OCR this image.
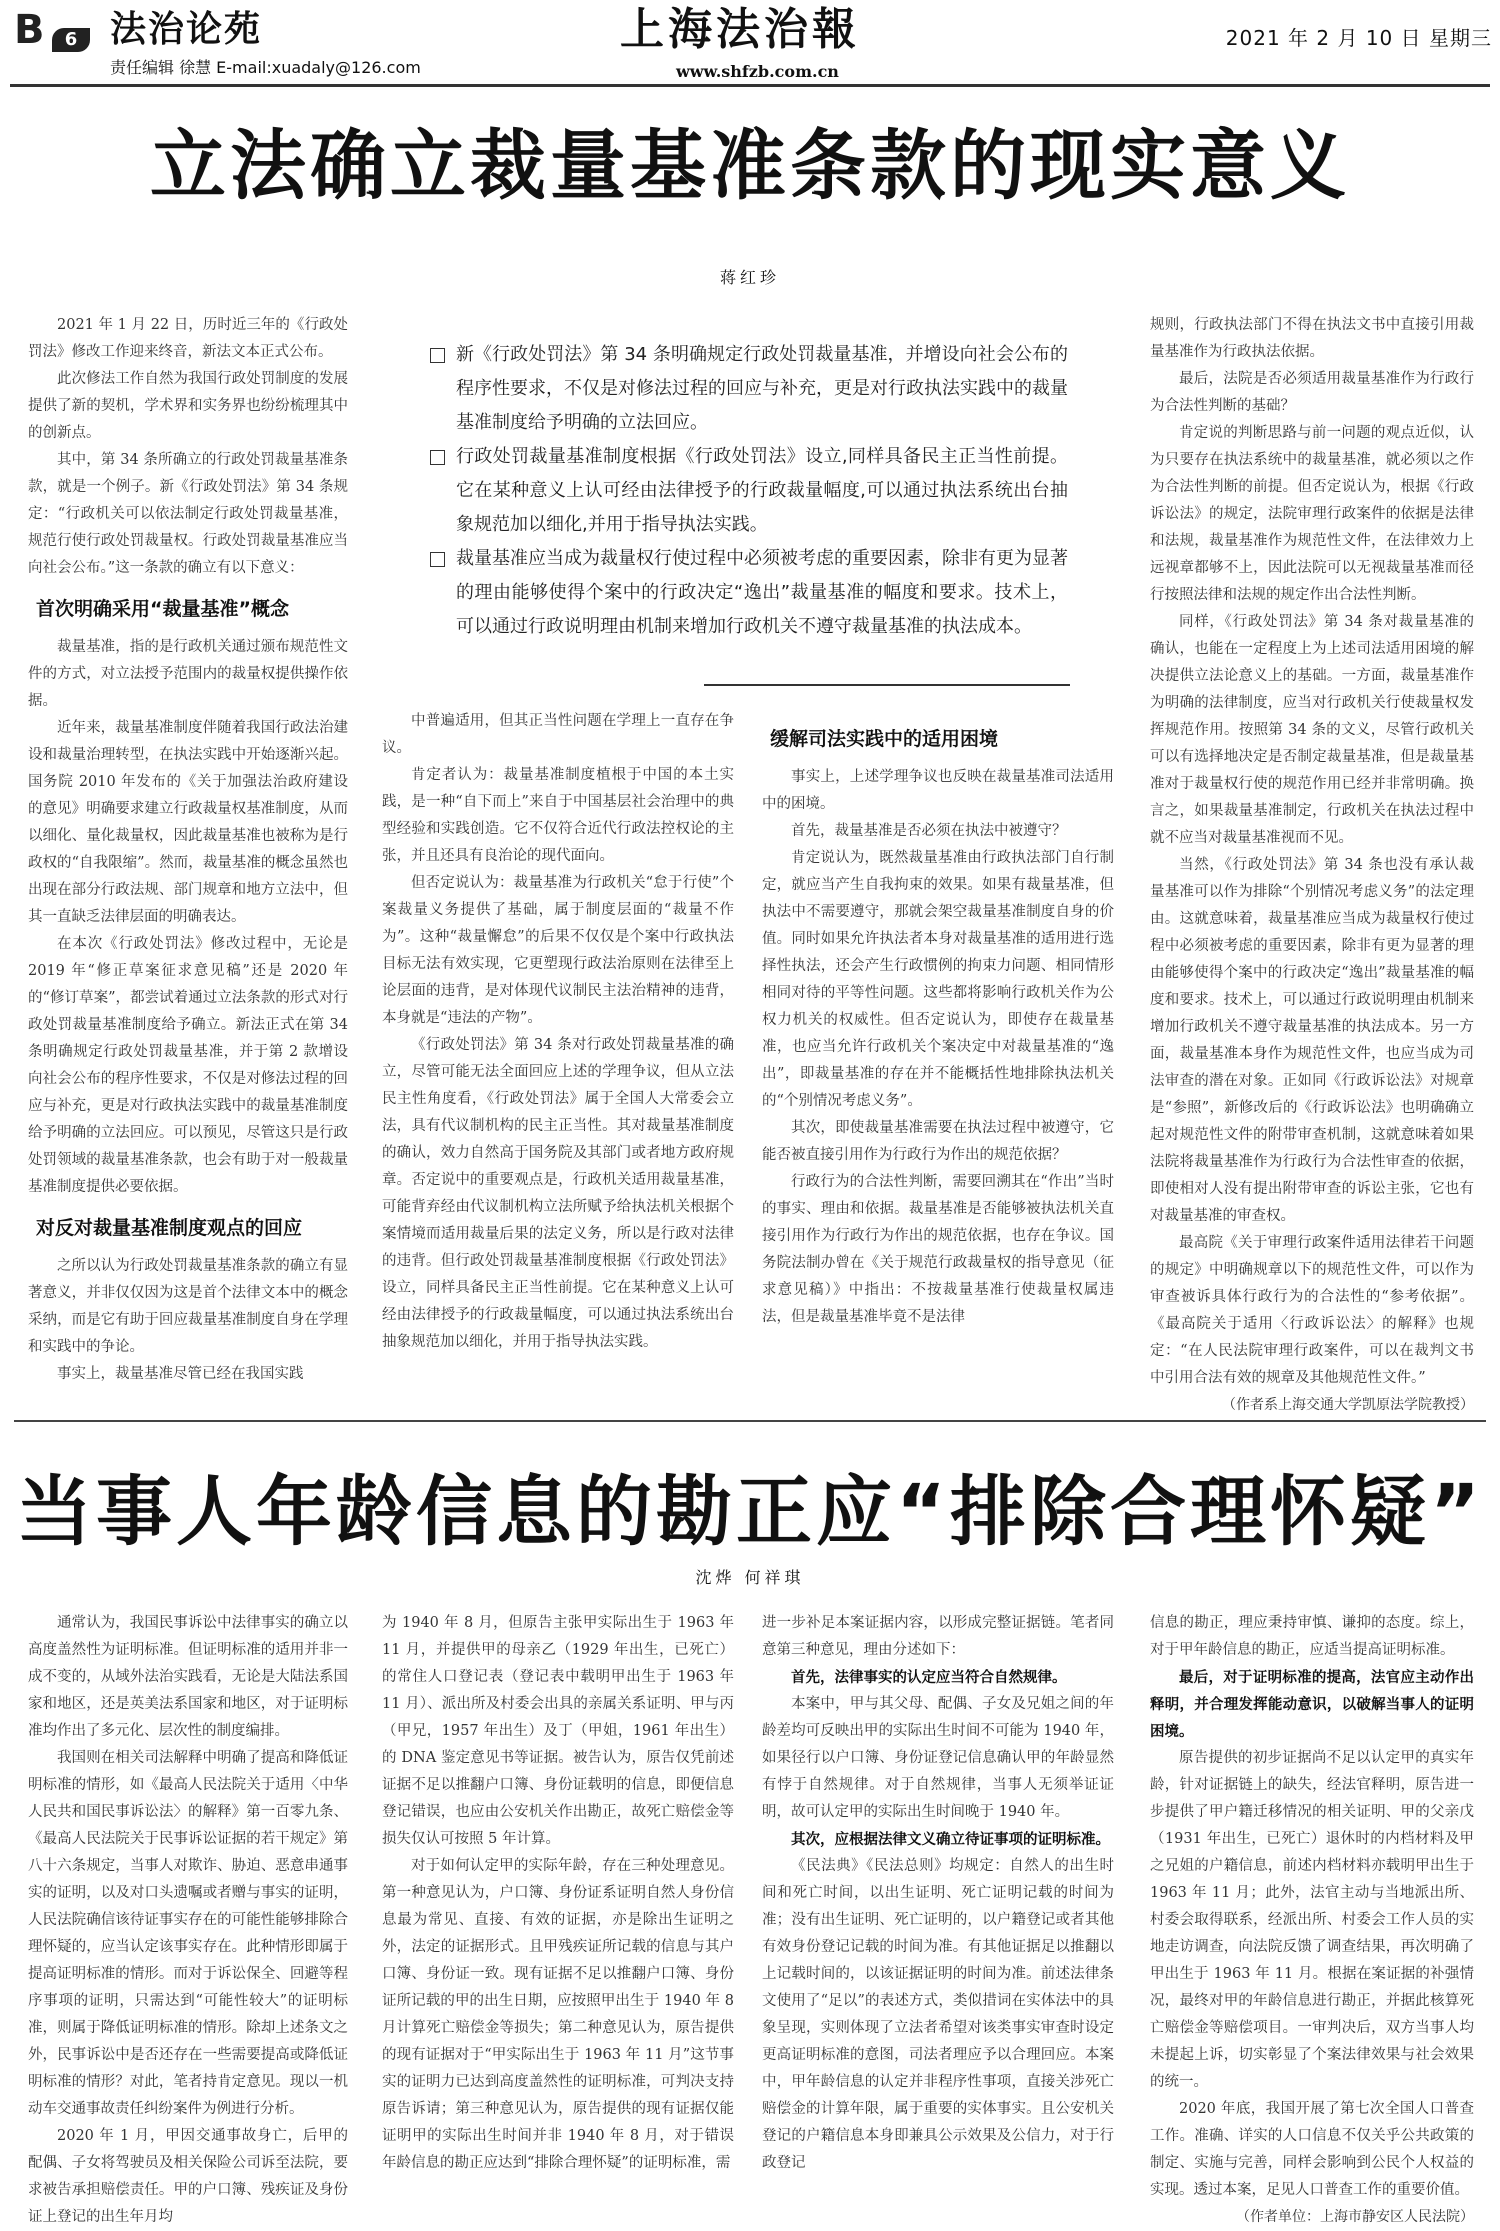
B	6 法治论苑
责任编辑 徐慧 E-mail:xuadaly@126.com
上海法治報
www.shfzb.com.cn
2021 年 2 月 10 日 星期三
立法确立裁量基准条款的现实意义
蒋红珍

2021 年 1 月 22 日，历时近三年的《行政处罚法》修改工作迎来终音，新法文本正式公布。

此次修法工作自然为我国行政处罚制度的发展提供了新的契机，学术界和实务界也纷纷梳理其中的创新点。

其中，第 34 条所确立的行政处罚裁量基准条款，就是一个例子。新《行政处罚法》第 34 条规定：“行政机关可以依法制定行政处罚裁量基准，规范行使行政处罚裁量权。行政处罚裁量基准应当向社会公布。”这一条款的确立有以下意义：

首次明确采用“裁量基准”概念

裁量基准，指的是行政机关通过颁布规范性文件的方式，对立法授予范围内的裁量权提供操作依据。

近年来，裁量基准制度伴随着我国行政法治建设和裁量治理转型，在执法实践中开始逐渐兴起。国务院 2010 年发布的《关于加强法治政府建设的意见》明确要求建立行政裁量权基准制度，从而以细化、量化裁量权，因此裁量基准也被称为是行政权的“自我限缩”。然而，裁量基准的概念虽然也出现在部分行政法规、部门规章和地方立法中，但其一直缺乏法律层面的明确表达。

在本次《行政处罚法》修改过程中，无论是 2019 年“修正草案征求意见稿”还是 2020 年的“修订草案”，都尝试着通过立法条款的形式对行政处罚裁量基准制度给予确立。新法正式在第 34 条明确规定行政处罚裁量基准，并于第 2 款增设向社会公布的程序性要求，不仅是对修法过程的回应与补充，更是对行政执法实践中的裁量基准制度给予明确的立法回应。可以预见，尽管这只是行政处罚领域的裁量基准条款，也会有助于对一般裁量基准制度提供必要依据。

对反对裁量基准制度观点的回应

之所以认为行政处罚裁量基准条款的确立有显著意义，并非仅仅因为这是首个法律文本中的概念采纳，而是它有助于回应裁量基准制度自身在学理和实践中的争论。

事实上，裁量基准尽管已经在我国实践

新《行政处罚法》第 34 条明确规定行政处罚裁量基准，并增设向社会公布的程序性要求，不仅是对修法过程的回应与补充，更是对行政执法实践中的裁量基准制度给予明确的立法回应。
行政处罚裁量基准制度根据《行政处罚法》设立,同样具备民主正当性前提。它在某种意义上认可经由法律授予的行政裁量幅度,可以通过执法系统出台抽象规范加以细化,并用于指导执法实践。
裁量基准应当成为裁量权行使过程中必须被考虑的重要因素，除非有更为显著的理由能够使得个案中的行政决定“逸出”裁量基准的幅度和要求。技术上，可以通过行政说明理由机制来增加行政机关不遵守裁量基准的执法成本。

中普遍适用，但其正当性问题在学理上一直存在争议。

肯定者认为：裁量基准制度植根于中国的本土实践，是一种“自下而上”来自于中国基层社会治理中的典型经验和实践创造。它不仅符合近代行政法控权论的主张，并且还具有良治论的现代面向。

但否定说认为：裁量基准为行政机关“怠于行使”个案裁量义务提供了基础，属于制度层面的“裁量不作为”。这种“裁量懈怠”的后果不仅仅是个案中行政执法目标无法有效实现，它更塑现行政法治原则在法律至上论层面的违背，是对体现代议制民主法治精神的违背，本身就是“违法的产物”。

《行政处罚法》第 34 条对行政处罚裁量基准的确立，尽管可能无法全面回应上述的学理争议，但从立法民主性角度看，《行政处罚法》属于全国人大常委会立法，具有代议制机构的民主正当性。其对裁量基准制度的确认，效力自然高于国务院及其部门或者地方政府规章。否定说中的重要观点是，行政机关适用裁量基准，可能背弃经由代议制机构立法所赋予给执法机关根据个案情境而适用裁量后果的法定义务，所以是行政对法律的违背。但行政处罚裁量基准制度根据《行政处罚法》设立，同样具备民主正当性前提。它在某种意义上认可经由法律授予的行政裁量幅度，可以通过执法系统出台抽象规范加以细化，并用于指导执法实践。

缓解司法实践中的适用困境

事实上，上述学理争议也反映在裁量基准司法适用中的困境。

首先，裁量基准是否必须在执法中被遵守？

肯定说认为，既然裁量基准由行政执法部门自行制定，就应当产生自我拘束的效果。如果有裁量基准，但执法中不需要遵守，那就会架空裁量基准制度自身的价值。同时如果允许执法者本身对裁量基准的适用进行选择性执法，还会产生行政惯例的拘束力问题、相同情形相同对待的平等性问题。这些都将影响行政机关作为公权力机关的权威性。但否定说认为，即使存在裁量基准，也应当允许行政机关个案决定中对裁量基准的“逸出”，即裁量基准的存在并不能概括性地排除执法机关的“个别情况考虑义务”。

其次，即使裁量基准需要在执法过程中被遵守，它能否被直接引用作为行政行为作出的规范依据？

行政行为的合法性判断，需要回溯其在“作出”当时的事实、理由和依据。裁量基准是否能够被执法机关直接引用作为行政行为作出的规范依据，也存在争议。国务院法制办曾在《关于规范行政裁量权的指导意见（征求意见稿）》中指出：不按裁量基准行使裁量权属违法，但是裁量基准毕竟不是法律

规则，行政执法部门不得在执法文书中直接引用裁量基准作为行政执法依据。

最后，法院是否必须适用裁量基准作为行政行为合法性判断的基础？

肯定说的判断思路与前一问题的观点近似，认为只要存在执法系统中的裁量基准，就必须以之作为合法性判断的前提。但否定说认为，根据《行政诉讼法》的规定，法院审理行政案件的依据是法律和法规，裁量基准作为规范性文件，在法律效力上远视章都够不上，因此法院可以无视裁量基准而径行按照法律和法规的规定作出合法性判断。

同样，《行政处罚法》第 34 条对裁量基准的确认，也能在一定程度上为上述司法适用困境的解决提供立法论意义上的基础。一方面，裁量基准作为明确的法律制度，应当对行政机关行使裁量权发挥规范作用。按照第 34 条的文义，尽管行政机关可以有选择地决定是否制定裁量基准，但是裁量基准对于裁量权行使的规范作用已经并非常明确。换言之，如果裁量基准制定，行政机关在执法过程中就不应当对裁量基准视而不见。

当然，《行政处罚法》第 34 条也没有承认裁量基准可以作为排除“个别情况考虑义务”的法定理由。这就意味着，裁量基准应当成为裁量权行使过程中必须被考虑的重要因素，除非有更为显著的理由能够使得个案中的行政决定“逸出”裁量基准的幅度和要求。技术上，可以通过行政说明理由机制来增加行政机关不遵守裁量基准的执法成本。另一方面，裁量基准本身作为规范性文件，也应当成为司法审查的潜在对象。正如同《行政诉讼法》对规章是“参照”，新修改后的《行政诉讼法》也明确确立起对规范性文件的附带审查机制，这就意味着如果法院将裁量基准作为行政行为合法性审查的依据，即使相对人没有提出附带审查的诉讼主张，它也有对裁量基准的审查权。

最高院《关于审理行政案件适用法律若干问题的规定》中明确规章以下的规范性文件，可以作为审查被诉具体行政行为的合法性的“参考依据”。《最高院关于适用〈行政诉讼法〉的解释》也规定：“在人民法院审理行政案件，可以在裁判文书中引用合法有效的规章及其他规范性文件。”

（作者系上海交通大学凯原法学院教授）

当事人年龄信息的勘正应“排除合理怀疑”
沈烨 何祥琪

通常认为，我国民事诉讼中法律事实的确立以高度盖然性为证明标准。但证明标准的适用并非一成不变的，从域外法治实践看，无论是大陆法系国家和地区，还是英美法系国家和地区，对于证明标准均作出了多元化、层次性的制度编排。

我国则在相关司法解释中明确了提高和降低证明标准的情形，如《最高人民法院关于适用〈中华人民共和国民事诉讼法〉的解释》第一百零九条、《最高人民法院关于民事诉讼证据的若干规定》第八十六条规定，当事人对欺诈、胁迫、恶意串通事实的证明，以及对口头遗嘱或者赠与事实的证明，人民法院确信该待证事实存在的可能性能够排除合理怀疑的，应当认定该事实存在。此种情形即属于提高证明标准的情形。而对于诉讼保全、回避等程序事项的证明，只需达到“可能性较大”的证明标准，则属于降低证明标准的情形。除却上述条文之外，民事诉讼中是否还存在一些需要提高或降低证明标准的情形？对此，笔者持肯定意见。现以一机动车交通事故责任纠纷案件为例进行分析。

2020 年 1 月，甲因交通事故身亡，后甲的配偶、子女将驾驶员及相关保险公司诉至法院，要求被告承担赔偿责任。甲的户口簿、残疾证及身份证上登记的出生年月均

为 1940 年 8 月，但原告主张甲实际出生于 1963 年 11 月，并提供甲的母亲乙（1929 年出生，已死亡）的常住人口登记表（登记表中载明甲出生于 1963 年 11 月）、派出所及村委会出具的亲属关系证明、甲与丙（甲兄，1957 年出生）及丁（甲姐，1961 年出生）的 DNA 鉴定意见书等证据。被告认为，原告仅凭前述证据不足以推翻户口簿、身份证载明的信息，即便信息登记错误，也应由公安机关作出勘正，故死亡赔偿金等损失仅认可按照 5 年计算。

对于如何认定甲的实际年龄，存在三种处理意见。第一种意见认为，户口簿、身份证系证明自然人身份信息最为常见、直接、有效的证据，亦是除出生证明之外，法定的证据形式。且甲残疾证所记载的信息与其户口簿、身份证一致。现有证据不足以推翻户口簿、身份证所记载的甲的出生日期，应按照甲出生于 1940 年 8 月计算死亡赔偿金等损失；第二种意见认为，原告提供的现有证据对于“甲实际出生于 1963 年 11 月”这节事实的证明力已达到高度盖然性的证明标准，可判决支持原告诉请；第三种意见认为，原告提供的现有证据仅能证明甲的实际出生时间并非 1940 年 8 月，对于错误年龄信息的勘正应达到“排除合理怀疑”的证明标准，需

进一步补足本案证据内容，以形成完整证据链。笔者同意第三种意见，理由分述如下：

首先，法律事实的认定应当符合自然规律。

本案中，甲与其父母、配偶、子女及兄姐之间的年龄差均可反映出甲的实际出生时间不可能为 1940 年，如果径行以户口簿、身份证登记信息确认甲的年龄显然有悖于自然规律。对于自然规律，当事人无须举证证明，故可认定甲的实际出生时间晚于 1940 年。

其次，应根据法律文义确立待证事项的证明标准。

《民法典》《民法总则》均规定：自然人的出生时间和死亡时间，以出生证明、死亡证明记载的时间为准；没有出生证明、死亡证明的，以户籍登记或者其他有效身份登记记载的时间为准。有其他证据足以推翻以上记载时间的，以该证据证明的时间为准。前述法律条文使用了“足以”的表述方式，类似措词在实体法中的具象呈现，实则体现了立法者希望对该类事实审查时设定更高证明标准的意图，司法者理应予以合理回应。本案中，甲年龄信息的认定并非程序性事项，直接关涉死亡赔偿金的计算年限，属于重要的实体事实。且公安机关登记的户籍信息本身即兼具公示效果及公信力，对于行政登记

信息的勘正，理应秉持审慎、谦抑的态度。综上，对于甲年龄信息的勘正，应适当提高证明标准。

最后，对于证明标准的提高，法官应主动作出释明，并合理发挥能动意识，以破解当事人的证明困境。

原告提供的初步证据尚不足以认定甲的真实年龄，针对证据链上的缺失，经法官释明，原告进一步提供了甲户籍迁移情况的相关证明、甲的父亲戊（1931 年出生，已死亡）退休时的内档材料及甲之兄姐的户籍信息，前述内档材料亦载明甲出生于 1963 年 11 月；此外，法官主动与当地派出所、村委会取得联系，经派出所、村委会工作人员的实地走访调查，向法院反馈了调查结果，再次明确了甲出生于 1963 年 11 月。根据在案证据的补强情况，最终对甲的年龄信息进行勘正，并据此核算死亡赔偿金等赔偿项目。一审判决后，双方当事人均未提起上诉，切实彰显了个案法律效果与社会效果的统一。

2020 年底，我国开展了第七次全国人口普查工作。准确、详实的人口信息不仅关乎公共政策的制定、实施与完善，同样会影响到公民个人权益的实现。透过本案，足见人口普查工作的重要价值。

（作者单位：上海市静安区人民法院）
